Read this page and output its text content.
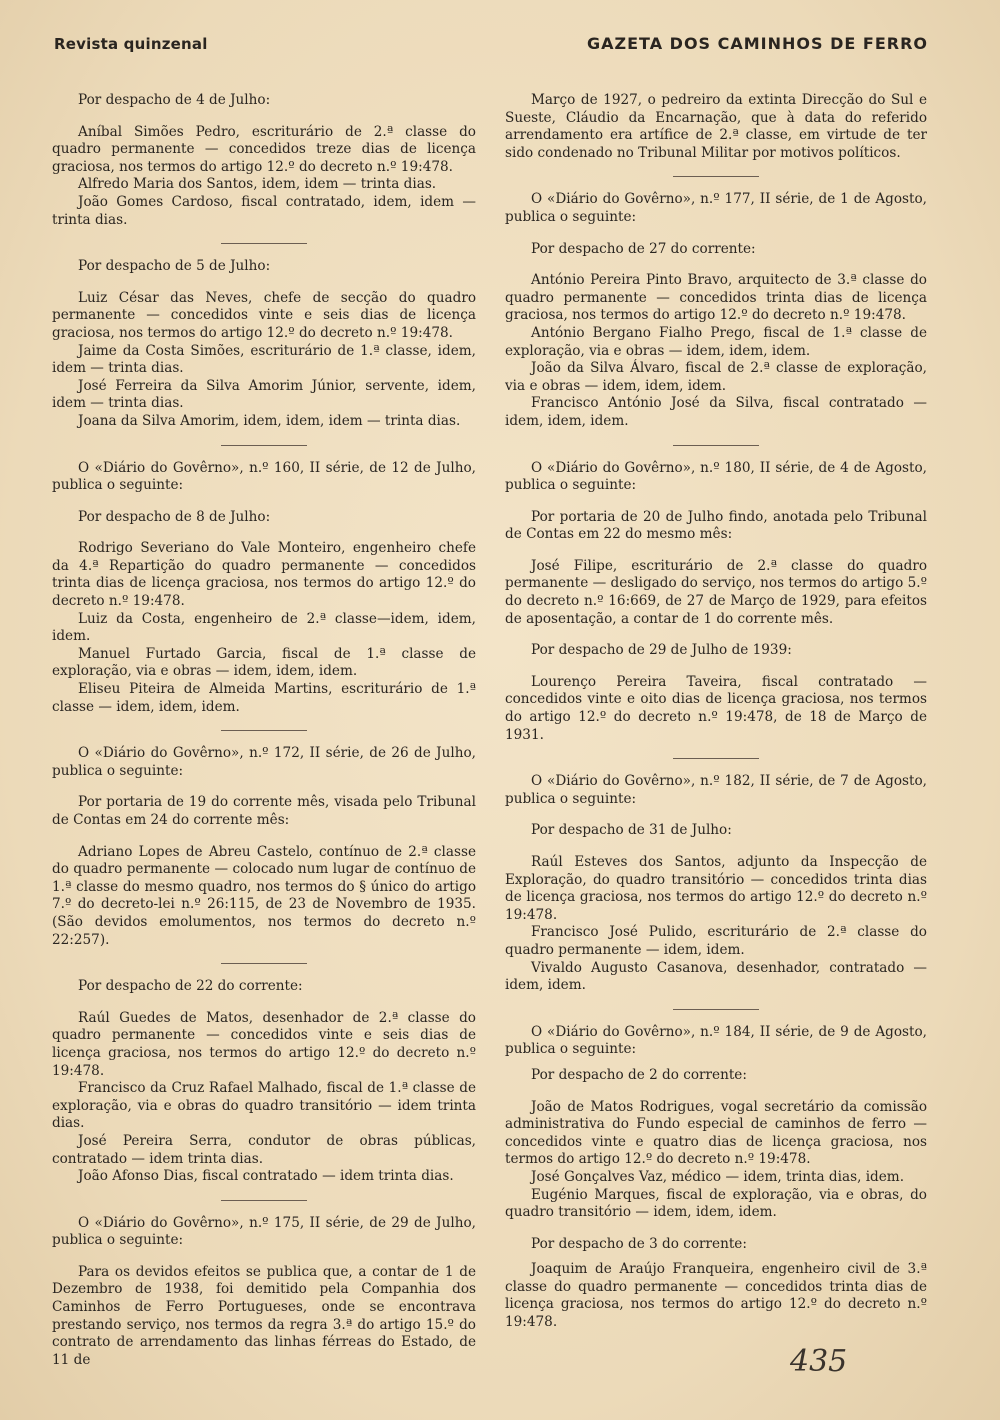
Revista quinzenal	GAZETA DOS CAMINHOS DE FERRO

Por despacho de 4 de Julho:

Aníbal Simões Pedro, escriturário de 2.ª classe do quadro permanente — concedidos treze dias de licença graciosa, nos termos do artigo 12.º do decreto n.º 19:478.

Alfredo Maria dos Santos, idem, idem — trinta dias.

João Gomes Cardoso, fiscal contratado, idem, idem — trinta dias.

Por despacho de 5 de Julho:

Luiz César das Neves, chefe de secção do quadro permanente — concedidos vinte e seis dias de licença graciosa, nos termos do artigo 12.º do decreto n.º 19:478.

Jaime da Costa Simões, escriturário de 1.ª classe, idem, idem — trinta dias.

José Ferreira da Silva Amorim Júnior, servente, idem, idem — trinta dias.

Joana da Silva Amorim, idem, idem, idem — trinta dias.

O «Diário do Govêrno», n.º 160, II série, de 12 de Julho, publica o seguinte:

Por despacho de 8 de Julho:

Rodrigo Severiano do Vale Monteiro, engenheiro chefe da 4.ª Repartição do quadro permanente — concedidos trinta dias de licença graciosa, nos termos do artigo 12.º do decreto n.º 19:478.

Luiz da Costa, engenheiro de 2.ª classe—idem, idem, idem.

Manuel Furtado Garcia, fiscal de 1.ª classe de exploração, via e obras — idem, idem, idem.

Eliseu Piteira de Almeida Martins, escriturário de 1.ª classe — idem, idem, idem.

O «Diário do Govêrno», n.º 172, II série, de 26 de Julho, publica o seguinte:

Por portaria de 19 do corrente mês, visada pelo Tribunal de Contas em 24 do corrente mês:

Adriano Lopes de Abreu Castelo, contínuo de 2.ª classe do quadro permanente — colocado num lugar de contínuo de 1.ª classe do mesmo quadro, nos termos do § único do artigo 7.º do decreto-lei n.º 26:115, de 23 de Novembro de 1935. (São devidos emolumentos, nos termos do decreto n.º 22:257).

Por despacho de 22 do corrente:

Raúl Guedes de Matos, desenhador de 2.ª classe do quadro permanente — concedidos vinte e seis dias de licença graciosa, nos termos do artigo 12.º do decreto n.º 19:478.

Francisco da Cruz Rafael Malhado, fiscal de 1.ª classe de exploração, via e obras do quadro transitório — idem trinta dias.

José Pereira Serra, condutor de obras públicas, contratado — idem trinta dias.

João Afonso Dias, fiscal contratado — idem trinta dias.

O «Diário do Govêrno», n.º 175, II série, de 29 de Julho, publica o seguinte:

Para os devidos efeitos se publica que, a contar de 1 de Dezembro de 1938, foi demitido pela Companhia dos Caminhos de Ferro Portugueses, onde se encontrava prestando serviço, nos termos da regra 3.ª do artigo 15.º do contrato de arrendamento das linhas férreas do Estado, de 11 de

Março de 1927, o pedreiro da extinta Direcção do Sul e Sueste, Cláudio da Encarnação, que à data do referido arrendamento era artífice de 2.ª classe, em virtude de ter sido condenado no Tribunal Militar por motivos políticos.

O «Diário do Govêrno», n.º 177, II série, de 1 de Agosto, publica o seguinte:

Por despacho de 27 do corrente:

António Pereira Pinto Bravo, arquitecto de 3.ª classe do quadro permanente — concedidos trinta dias de licença graciosa, nos termos do artigo 12.º do decreto n.º 19:478.

António Bergano Fialho Prego, fiscal de 1.ª classe de exploração, via e obras — idem, idem, idem.

João da Silva Álvaro, fiscal de 2.ª classe de exploração, via e obras — idem, idem, idem.

Francisco António José da Silva, fiscal contratado — idem, idem, idem.

O «Diário do Govêrno», n.º 180, II série, de 4 de Agosto, publica o seguinte:

Por portaria de 20 de Julho findo, anotada pelo Tribunal de Contas em 22 do mesmo mês:

José Filipe, escriturário de 2.ª classe do quadro permanente — desligado do serviço, nos termos do artigo 5.º do decreto n.º 16:669, de 27 de Março de 1929, para efeitos de aposentação, a contar de 1 do corrente mês.

Por despacho de 29 de Julho de 1939:

Lourenço Pereira Taveira, fiscal contratado — concedidos vinte e oito dias de licença graciosa, nos termos do artigo 12.º do decreto n.º 19:478, de 18 de Março de 1931.

O «Diário do Govêrno», n.º 182, II série, de 7 de Agosto, publica o seguinte:

Por despacho de 31 de Julho:

Raúl Esteves dos Santos, adjunto da Inspecção de Exploração, do quadro transitório — concedidos trinta dias de licença graciosa, nos termos do artigo 12.º do decreto n.º 19:478.

Francisco José Pulido, escriturário de 2.ª classe do quadro permanente — idem, idem.

Vivaldo Augusto Casanova, desenhador, contratado — idem, idem.

O «Diário do Govêrno», n.º 184, II série, de 9 de Agosto, publica o seguinte:

Por despacho de 2 do corrente:

João de Matos Rodrigues, vogal secretário da comissão administrativa do Fundo especial de caminhos de ferro — concedidos vinte e quatro dias de licença graciosa, nos termos do artigo 12.º do decreto n.º 19:478.

José Gonçalves Vaz, médico — idem, trinta dias, idem.

Eugénio Marques, fiscal de exploração, via e obras, do quadro transitório — idem, idem, idem.

Por despacho de 3 do corrente:

Joaquim de Araújo Franqueira, engenheiro civil de 3.ª classe do quadro permanente — concedidos trinta dias de licença graciosa, nos termos do artigo 12.º do decreto n.º 19:478.

435
